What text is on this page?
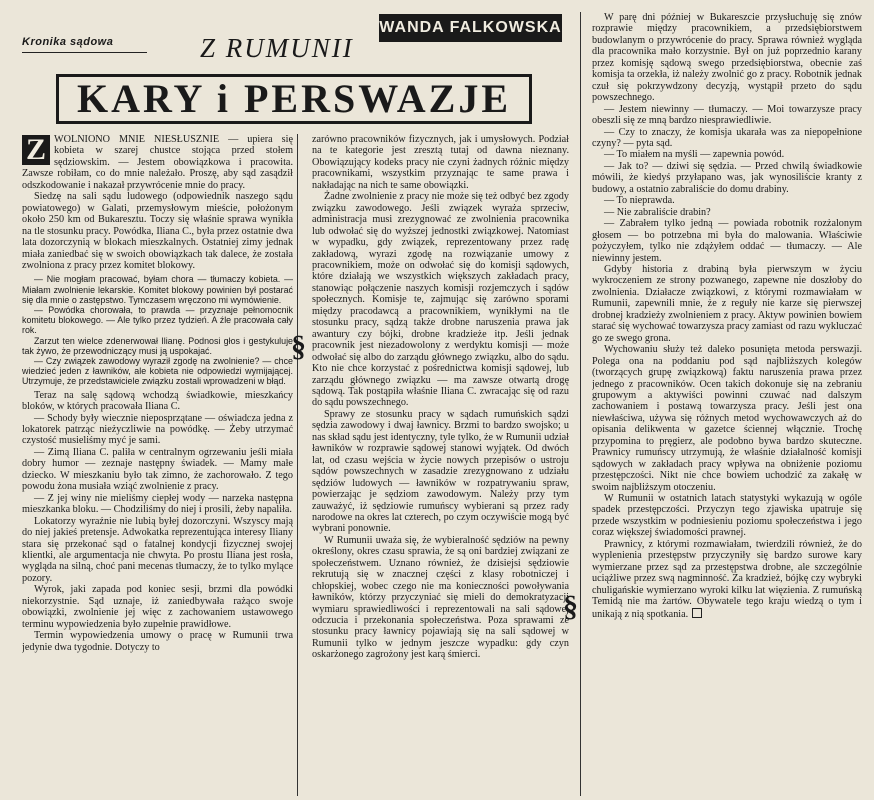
Kronika sądowa
WANDA FALKOWSKA
Z RUMUNII
KARY i PERSWAZJE

Z WOLNIONO MNIE NIESŁUSZNIE — upiera się kobieta w szarej chustce stojąca przed stołem sędziowskim. — Jestem obowiązkowa i pracowita. Zawsze robiłam, co do mnie należało. Proszę, aby sąd zasądził odszkodowanie i nakazał przywrócenie mnie do pracy.

Siedzę na sali sądu ludowego (odpowiednik naszego sądu powiatowego) w Galati, przemysłowym mieście, położonym około 250 km od Bukaresztu. Toczy się właśnie sprawa wynikła na tle stosunku pracy. Powódka, Iliana C., była przez ostatnie dwa lata dozorczynią w blokach mieszkalnych. Ostatniej zimy jednak miała zaniedbać się w swoich obowiązkach tak dalece, że została zwolniona z pracy przez komitet blokowy.

— Nie mogłam pracować, byłam chora — tłumaczy kobieta. — Miałam zwolnienie lekarskie. Komitet blokowy powinien był postarać się dla mnie o zastępstwo. Tymczasem wręczono mi wymówienie.

— Powódka chorowała, to prawda — przyznaje pełnomocnik komitetu blokowego. — Ale tylko przez tydzień. A źle pracowała cały rok.

Zarzut ten wielce zdenerwował Ilianę. Podnosi głos i gestykuluje tak żywo, że przewodniczący musi ją uspokajać.

— Czy związek zawodowy wyraził zgodę na zwolnienie? — chce wiedzieć jeden z ławników, ale kobieta nie odpowiedzi wymijającej. Utrzymuje, że przedstawiciele związku zostali wprowadzeni w błąd.

Teraz na salę sądową wchodzą świadkowie, mieszkańcy bloków, w których pracowała Iliana C.

— Schody były wiecznie nieposprzątane — oświadcza jedna z lokatorek patrząc nieżyczliwie na powódkę. — Żeby utrzymać czystość musieliśmy myć je sami.

— Zimą Iliana C. paliła w centralnym ogrzewaniu jeśli miała dobry humor — zeznaje następny świadek. — Mamy małe dziecko. W mieszkaniu było tak zimno, że zachorowało. Z tego powodu żona musiała wziąć zwolnienie z pracy.

— Z jej winy nie mieliśmy ciepłej wody — narzeka następna mieszkanka bloku. — Chodziliśmy do niej i prosili, żeby napaliła.

Lokatorzy wyraźnie nie lubią byłej dozorczyni. Wszyscy mają do niej jakieś pretensje. Adwokatka reprezentująca interesy Iliany stara się przekonać sąd o fatalnej kondycji fizycznej swojej klientki, ale argumentacja nie chwyta. Po prostu Iliana jest rosła, wygląda na silną, choć pani mecenas tłumaczy, że to tylko mylące pozory.

Wyrok, jaki zapada pod koniec sesji, brzmi dla powódki niekorzystnie. Sąd uznaje, iż zaniedbywała rażąco swoje obowiązki, zwolnienie jej więc z zachowaniem ustawowego terminu wypowiedzenia było zupełnie prawidłowe.

Termin wypowiedzenia umowy o pracę w Rumunii trwa jedynie dwa tygodnie. Dotyczy to

zarówno pracowników fizycznych, jak i umysłowych. Podział na te kategorie jest zresztą tutaj od dawna nieznany. Obowiązujący kodeks pracy nie czyni żadnych różnic między pracownikami, wszystkim przyznając te same prawa i nakładając na nich te same obowiązki.

Żadne zwolnienie z pracy nie może się też odbyć bez zgody związku zawodowego. Jeśli związek wyraża sprzeciw, administracja musi zrezygnować ze zwolnienia pracownika lub odwołać się do wyższej jednostki związkowej. Natomiast w wypadku, gdy związek, reprezentowany przez radę zakładową, wyrazi zgodę na rozwiązanie umowy z pracownikiem, może on odwołać się do komisji sądowych, które działają we wszystkich większych zakładach pracy, stanowiąc połączenie naszych komisji rozjemczych i sądów społecznych. Komisje te, zajmując się zarówno sporami między pracodawcą a pracownikiem, wynikłymi na tle stosunku pracy, sądzą także drobne naruszenia prawa jak awantury czy bójki, drobne kradzieże itp. Jeśli jednak pracownik jest niezadowolony z werdyktu komisji — może odwołać się albo do zarządu głównego związku, albo do sądu. Kto nie chce korzystać z pośrednictwa komisji sądowej, lub zarządu głównego związku — ma zawsze otwartą drogę sądową. Tak postąpiła właśnie Iliana C. zwracając się od razu do sądu powszechnego.

Sprawy ze stosunku pracy w sądach rumuńskich sądzi sędzia zawodowy i dwaj ławnicy. Brzmi to bardzo swojsko; u nas skład sądu jest identyczny, tyle tylko, że w Rumunii udział ławników w rozprawie sądowej stanowi wyjątek. Od dwóch lat, od czasu wejścia w życie nowych przepisów o ustroju sądów powszechnych w zasadzie zrezygnowano z udziału sędziów ludowych — ławników w rozpatrywaniu spraw, powierzając je sędziom zawodowym. Należy przy tym zauważyć, iż sędziowie rumuńscy wybierani są przez rady narodowe na okres lat czterech, po czym oczywiście mogą być wybrani ponownie.

W Rumunii uważa się, że wybieralność sędziów na pewny określony, okres czasu sprawia, że są oni bardziej związani ze społeczeństwem. Uznano również, że dzisiejsi sędziowie rekrutują się w znacznej części z klasy robotniczej i chłopskiej, wobec czego nie ma konieczności powoływania ławników, którzy przyczyniać się mieli do demokratyzacji wymiaru sprawiedliwości i reprezentowali na sali sądowej odczucia i przekonania społeczeństwa. Poza sprawami ze stosunku pracy ławnicy pojawiają się na sali sądowej w Rumunii tylko w jednym jeszcze wypadku: gdy czyn oskarżonego zagrożony jest karą śmierci.

§
§

W parę dni później w Bukareszcie przysłuchuję się znów rozprawie między pracownikiem, a przedsiębiorstwem budowlanym o przywrócenie do pracy. Sprawa również wygląda dla pracownika mało korzystnie. Był on już poprzednio karany przez komisję sądową swego przedsiębiorstwa, obecnie zaś komisja ta orzekła, iż należy zwolnić go z pracy. Robotnik jednak czuł się pokrzywdzony decyzją, wystąpił przeto do sądu powszechnego.

— Jestem niewinny — tłumaczy. — Moi towarzysze pracy obeszli się ze mną bardzo niesprawiedliwie.

— Czy to znaczy, że komisja ukarała was za niepopełnione czyny? — pyta sąd.

— To miałem na myśli — zapewnia powód.

— Jak to? — dziwi się sędzia. — Przed chwilą świadkowie mówili, że kiedyś przyłapano was, jak wynosiliście kranty z budowy, a ostatnio zabraliście do domu drabiny.

— To nieprawda.

— Nie zabraliście drabin?

— Zabrałem tylko jedną — powiada robotnik rozżalonym głosem — bo potrzebna mi była do malowania. Właściwie pożyczyłem, tylko nie zdążyłem oddać — tłumaczy. — Ale niewinny jestem.

Gdyby historia z drabiną była pierwszym w życiu wykroczeniem ze strony pozwanego, zapewne nie doszłoby do zwolnienia. Działacze związkowi, z którymi rozmawiałam w Rumunii, zapewnili mnie, że z reguły nie karze się pierwszej drobnej kradzieży zwolnieniem z pracy. Aktyw powinien bowiem starać się wychować towarzysza pracy zamiast od razu wykluczać go ze swego grona.

Wychowaniu służy też daleko posunięta metoda perswazji. Polega ona na poddaniu pod sąd najbliższych kolegów (tworzących grupę związkową) faktu naruszenia prawa przez jednego z pracowników. Ocen takich dokonuje się na zebraniu grupowym a aktywiści powinni czuwać nad dalszym zachowaniem i postawą towarzysza pracy. Jeśli jest ona niewłaściwa, używa się różnych metod wychowawczych aż do opisania delikwenta w gazetce ściennej włącznie. Trochę przypomina to pręgierz, ale podobno bywa bardzo skuteczne. Prawnicy rumuńscy utrzymują, że właśnie działalność komisji sądowych w zakładach pracy wpływa na obniżenie poziomu przestępczości. Nikt nie chce bowiem uchodzić za zakałę w swoim najbliższym otoczeniu.

W Rumunii w ostatnich latach statystyki wykazują w ogóle spadek przestępczości. Przyczyn tego zjawiska upatruje się przede wszystkim w podniesieniu poziomu społeczeństwa i jego coraz większej świadomości prawnej.

Prawnicy, z którymi rozmawiałam, twierdzili również, że do wyplenienia przestępstw przyczyniły się bardzo surowe kary wymierzane przez sąd za przestępstwa drobne, ale szczególnie uciążliwe przez swą nagminność. Za kradzież, bójkę czy wybryki chuligańskie wymierzano wyroki kilku lat więzienia. Z rumuńską Temidą nie ma żartów. Obywatele tego kraju wiedzą o tym i unikają z nią spotkania.
